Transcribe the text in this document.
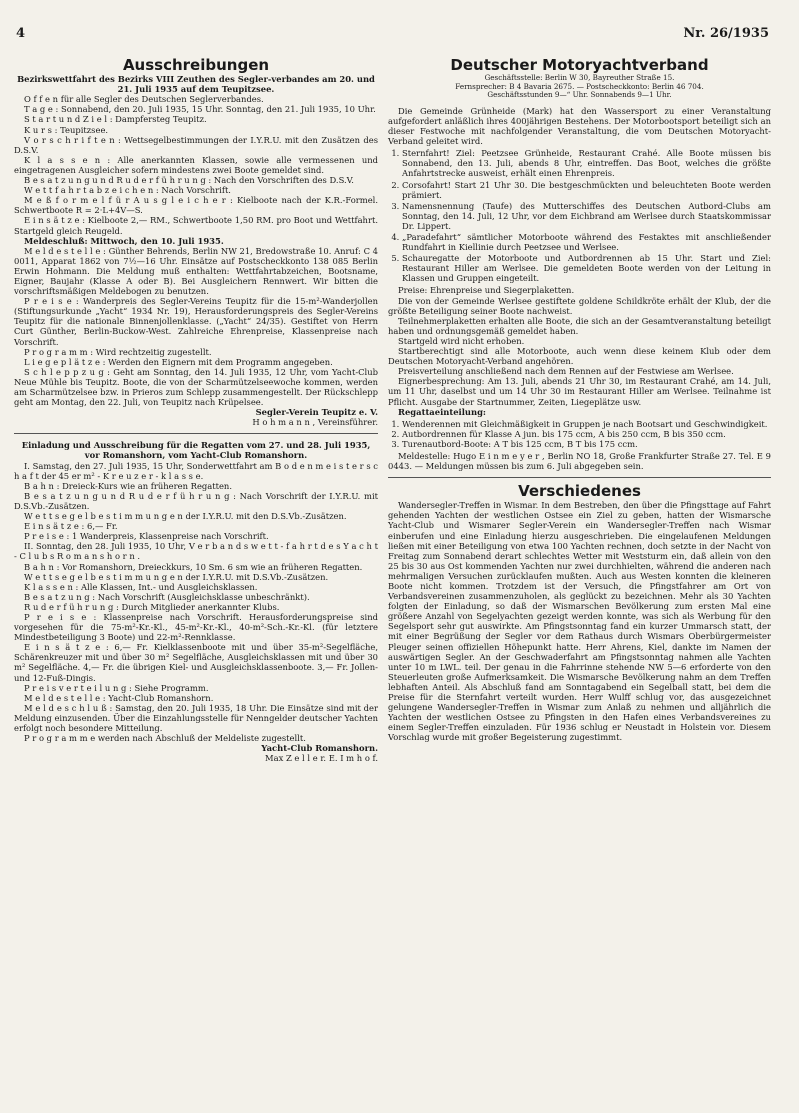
4	Nr. 26/1935
Ausschreibungen

Bezirkswettfahrt des Bezirks VIII Zeuthen des Segler-verbandes am 20. und 21. Juli 1935 auf dem Teupitzsee.

O f f e n für alle Segler des Deutschen Seglerverbandes.

T a g e : Sonnabend, den 20. Juli 1935, 15 Uhr. Sonntag, den 21. Juli 1935, 10 Uhr.

S t a r t u n d Z i e l : Dampfersteg Teupitz.

K u r s : Teupitzsee.

V o r s c h r i f t e n : Wettsegelbestimmungen der I.Y.R.U. mit den Zusätzen des D.S.V.

K l a s s e n : Alle anerkannten Klassen, sowie alle vermessenen und eingetragenen Ausgleicher sofern mindestens zwei Boote gemeldet sind.

B e s a t z u n g u n d R u d e r f ü h r u n g : Nach den Vorschriften des D.S.V.

W e t t f a h r t a b z e i c h e n : Nach Vorschrift.

M e ß f o r m e l f ü r A u s g l e i c h e r : Kielboote nach der K.R.-Formel. Schwertboote R = 2·L+4V—S.

E i n s ä t z e : Kielboote 2,— RM., Schwertboote 1,50 RM. pro Boot und Wettfahrt. Startgeld gleich Reugeld.

Meldeschluß: Mittwoch, den 10. Juli 1935.

M e l d e s t e l l e : Günther Behrends, Berlin NW 21, Bredowstraße 10. Anruf: C 4 0011, Apparat 1862 von 7½—16 Uhr. Einsätze auf Postscheckkonto 138 085 Berlin Erwin Hohmann. Die Meldung muß enthalten: Wettfahrtabzeichen, Bootsname, Eigner, Baujahr (Klasse A oder B). Bei Ausgleichern Rennwert. Wir bitten die vorschriftsmäßigen Meldebogen zu benutzen.

P r e i s e : Wanderpreis des Segler-Vereins Teupitz für die 15-m²-Wanderjollen (Stiftungsurkunde „Yacht“ 1934 Nr. 19), Herausforderungspreis des Segler-Vereins Teupitz für die nationale Binnenjollenklasse. („Yacht“ 24/35). Gestiftet von Herrn Curt Günther, Berlin-Buckow-West. Zahlreiche Ehrenpreise, Klassenpreise nach Vorschrift.

P r o g r a m m : Wird rechtzeitig zugestellt.

L i e g e p l ä t z e : Werden den Eignern mit dem Programm angegeben.

S c h l e p p z u g : Geht am Sonntag, den 14. Juli 1935, 12 Uhr, vom Yacht-Club Neue Mühle bis Teupitz. Boote, die von der Scharmützelseewoche kommen, werden am Scharmützelsee bzw. in Prieros zum Schlepp zusammengestellt. Der Rückschlepp geht am Montag, den 22. Juli, von Teupitz nach Krüpelsee.

Segler-Verein Teupitz e. V.

H o h m a n n , Vereinsführer.

Einladung und Ausschreibung für die Regatten vom 27. und 28. Juli 1935, vor Romanshorn, vom Yacht-Club Romanshorn.

I. Samstag, den 27. Juli 1935, 15 Uhr, Sonderwettfahrt am B o d e n m e i s t e r s c h a f t der 45 er m² - K r e u z e r - k l a s s e.

B a h n : Dreieck-Kurs wie an früheren Regatten.

B e s a t z u n g u n d R u d e r f ü h r u n g : Nach Vorschrift der I.Y.R.U. mit D.S.Vb.-Zusätzen.

W e t t s e g e l b e s t i m m u n g e n der I.Y.R.U. mit den D.S.Vb.-Zusätzen.

E i n s ä t z e : 6,— Fr.

P r e i s e : 1 Wanderpreis, Klassenpreise nach Vorschrift.

II. Sonntag, den 28. Juli 1935, 10 Uhr, V e r b a n d s w e t t - f a h r t d e s Y a c h t - C l u b s R o m a n s h o r n .

B a h n : Vor Romanshorn, Dreieckkurs, 10 Sm. 6 sm wie an früheren Regatten.

W e t t s e g e l b e s t i m m u n g e n der I.Y.R.U. mit D.S.Vb.-Zusätzen.

K l a s s e n : Alle Klassen, Int.- und Ausgleichsklassen.

B e s a t z u n g : Nach Vorschrift (Ausgleichsklasse unbeschränkt).

R u d e r f ü h r u n g : Durch Mitglieder anerkannter Klubs.

P r e i s e : Klassenpreise nach Vorschrift. Herausforderungspreise sind vorgesehen für die 75-m²-Kr.-Kl., 45-m²-Kr.-Kl., 40-m²-Sch.-Kr.-Kl. (für letztere Mindestbeteiligung 3 Boote) und 22-m²-Rennklasse.

E i n s ä t z e : 6,— Fr. Kielklassenboote mit und über 35-m²-Segelfläche, Schärenkreuzer mit und über 30 m² Segelfläche, Ausgleichsklassen mit und über 30 m² Segelfläche. 4,— Fr. die übrigen Kiel- und Ausgleichsklassenboote. 3,— Fr. Jollen- und 12-Fuß-Dingis.

P r e i s v e r t e i l u n g : Siehe Programm.

M e l d e s t e l l e : Yacht-Club Romanshorn.

M e l d e s c h l u ß : Samstag, den 20. Juli 1935, 18 Uhr. Die Einsätze sind mit der Meldung einzusenden. Über die Einzahlungsstelle für Nenngelder deutscher Yachten erfolgt noch besondere Mitteilung.

P r o g r a m m e werden nach Abschluß der Meldeliste zugestellt.

Yacht-Club Romanshorn.

Max Z e l l e r. E. I m h o f.

Deutscher Motoryachtverband
Geschäftsstelle: Berlin W 30, Bayreuther Straße 15.
Fernsprecher: B 4 Bavaria 2675. — Postscheckkonto: Berlin 46 704.
Geschäftsstunden 9—“ Uhr. Sonnabends 9—1 Uhr.

Die Gemeinde Grünheide (Mark) hat den Wassersport zu einer Veranstaltung aufgefordert anläßlich ihres 400jährigen Bestehens. Der Motorbootsport beteiligt sich an dieser Festwoche mit nachfolgender Veranstaltung, die vom Deutschen Motoryacht-Verband geleitet wird.

1. Sternfahrt! Ziel: Peetzsee Grünheide, Restaurant Crahé. Alle Boote müssen bis Sonnabend, den 13. Juli, abends 8 Uhr, eintreffen. Das Boot, welches die größte Anfahrtstrecke ausweist, erhält einen Ehrenpreis.
2. Corsofahrt! Start 21 Uhr 30. Die bestgeschmückten und beleuchteten Boote werden prämiert.
3. Namensnennung (Taufe) des Mutterschiffes des Deutschen Autbord-Clubs am Sonntag, den 14. Juli, 12 Uhr, vor dem Eichbrand am Werlsee durch Staatskommissar Dr. Lippert.
4. „Paradefahrt“ sämtlicher Motorboote während des Festaktes mit anschließender Rundfahrt in Kiellinie durch Peetzsee und Werlsee.
5. Schauregatte der Motorboote und Autbordrennen ab 15 Uhr. Start und Ziel: Restaurant Hiller am Werlsee. Die gemeldeten Boote werden von der Leitung in Klassen und Gruppen eingeteilt.

Preise: Ehrenpreise und Siegerplaketten.

Die von der Gemeinde Werlsee gestiftete goldene Schildkröte erhält der Klub, der die größte Beteiligung seiner Boote nachweist.

Teilnehmerplaketten erhalten alle Boote, die sich an der Gesamtveranstaltung beteiligt haben und ordnungsgemäß gemeldet haben.

Startgeld wird nicht erhoben.

Startberechtigt sind alle Motorboote, auch wenn diese keinem Klub oder dem Deutschen Motoryacht-Verband angehören.

Preisverteilung anschließend nach dem Rennen auf der Festwiese am Werlsee.

Eignerbesprechung: Am 13. Juli, abends 21 Uhr 30, im Restaurant Crahé, am 14. Juli, um 11 Uhr, daselbst und um 14 Uhr 30 im Restaurant Hiller am Werlsee. Teilnahme ist Pflicht. Ausgabe der Startnummer, Zeiten, Liegeplätze usw.

Regattaeinteilung:

1. Wenderennen mit Gleichmäßigkeit in Gruppen je nach Bootsart und Geschwindigkeit.
2. Autbordrennen für Klasse A jun. bis 175 ccm, A bis 250 ccm, B bis 350 ccm.
3. Turenautbord-Boote: A T bis 125 ccm, B T bis 175 ccm.

Meldestelle: Hugo E i n m e y e r , Berlin NO 18, Große Frankfurter Straße 27. Tel. E 9 0443. — Meldungen müssen bis zum 6. Juli abgegeben sein.

Verschiedenes

Wandersegler-Treffen in Wismar. In dem Bestreben, den über die Pfingsttage auf Fahrt gehenden Yachten der westlichen Ostsee ein Ziel zu geben, hatten der Wismarsche Yacht-Club und Wismarer Segler-Verein ein Wandersegler-Treffen nach Wismar einberufen und eine Einladung hierzu ausgeschrieben. Die eingelaufenen Meldungen ließen mit einer Beteiligung von etwa 100 Yachten rechnen, doch setzte in der Nacht von Freitag zum Sonnabend derart schlechtes Wetter mit Weststurm ein, daß allein von den 25 bis 30 aus Ost kommenden Yachten nur zwei durchhielten, während die anderen nach mehrmaligen Versuchen zurücklaufen mußten. Auch aus Westen konnten die kleineren Boote nicht kommen. Trotzdem ist der Versuch, die Pfingstfahrer am Ort von Verbandsvereinen zusammenzuholen, als geglückt zu bezeichnen. Mehr als 30 Yachten folgten der Einladung, so daß der Wismarschen Bevölkerung zum ersten Mal eine größere Anzahl von Segelyachten gezeigt werden konnte, was sich als Werbung für den Segelsport sehr gut auswirkte. Am Pfingstsonntag fand ein kurzer Ummarsch statt, der mit einer Begrüßung der Segler vor dem Rathaus durch Wismars Oberbürgermeister Pleuger seinen offiziellen Höhepunkt hatte. Herr Ahrens, Kiel, dankte im Namen der auswärtigen Segler. An der Geschwaderfahrt am Pfingstsonntag nahmen alle Yachten unter 10 m LWL. teil. Der genau in die Fahrrinne stehende NW 5—6 erforderte von den Steuerleuten große Aufmerksamkeit. Die Wismarsche Bevölkerung nahm an dem Treffen lebhaften Anteil. Als Abschluß fand am Sonntagabend ein Segelball statt, bei dem die Preise für die Sternfahrt verteilt wurden. Herr Wulff schlug vor, das ausgezeichnet gelungene Wandersegler-Treffen in Wismar zum Anlaß zu nehmen und alljährlich die Yachten der westlichen Ostsee zu Pfingsten in den Hafen eines Verbandsvereines zu einem Segler-Treffen einzuladen. Für 1936 schlug er Neustadt in Holstein vor. Diesem Vorschlag wurde mit großer Begeisterung zugestimmt.
